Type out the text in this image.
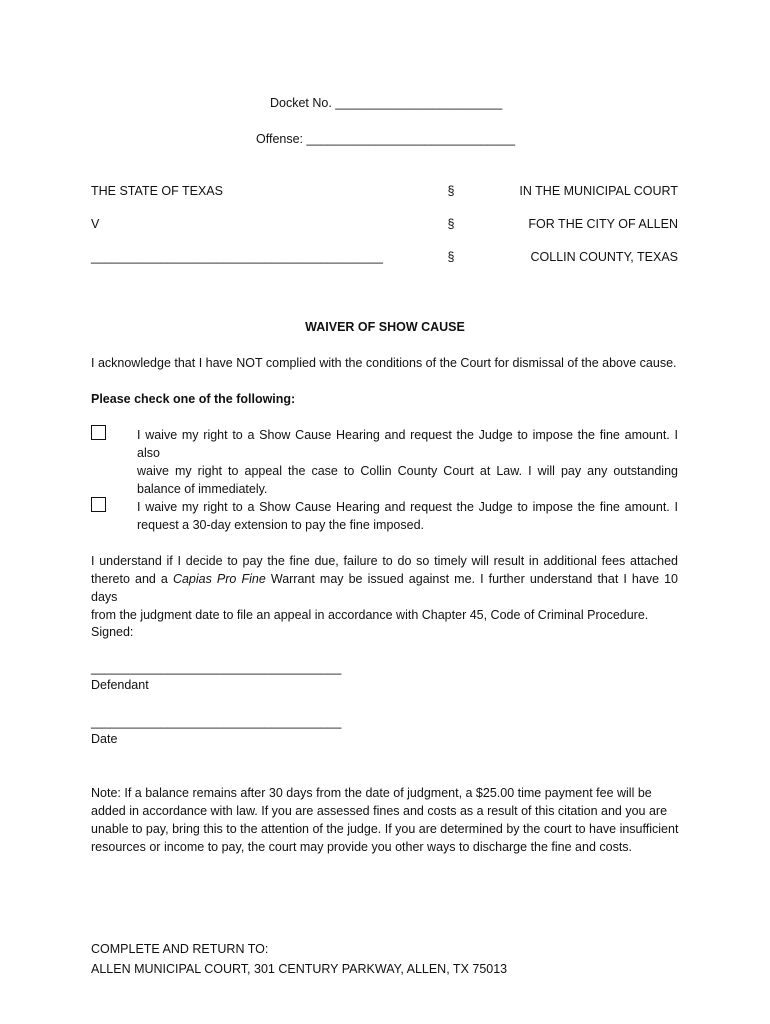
Docket No. ________________________
Offense: ______________________________
THE STATE OF TEXAS
V
__________________________________________
§
§
§
IN THE MUNICIPAL COURT
FOR THE CITY OF ALLEN
COLLIN COUNTY, TEXAS
WAIVER OF SHOW CAUSE
I acknowledge that I have NOT complied with the conditions of the Court for dismissal of the above cause.
Please check one of the following:
I waive my right to a Show Cause Hearing and request the Judge to impose the fine amount. I also
waive my right to appeal the case to Collin County Court at Law. I will pay any outstanding
balance of immediately.
I waive my right to a Show Cause Hearing and request the Judge to impose the fine amount. I
request a 30-day extension to pay the fine imposed.
I understand if I decide to pay the fine due, failure to do so timely will result in additional fees attached
thereto and a Capias Pro Fine Warrant may be issued against me. I further understand that I have 10 days
from the judgment date to file an appeal in accordance with Chapter 45, Code of Criminal Procedure.
Signed:
____________________________________
Defendant
____________________________________
Date
Note: If a balance remains after 30 days from the date of judgment, a $25.00 time payment fee will be
added in accordance with law. If you are assessed fines and costs as a result of this citation and you are
unable to pay, bring this to the attention of the judge. If you are determined by the court to have insufficient
resources or income to pay, the court may provide you other ways to discharge the fine and costs.
COMPLETE AND RETURN TO:
ALLEN MUNICIPAL COURT, 301 CENTURY PARKWAY, ALLEN, TX 75013
